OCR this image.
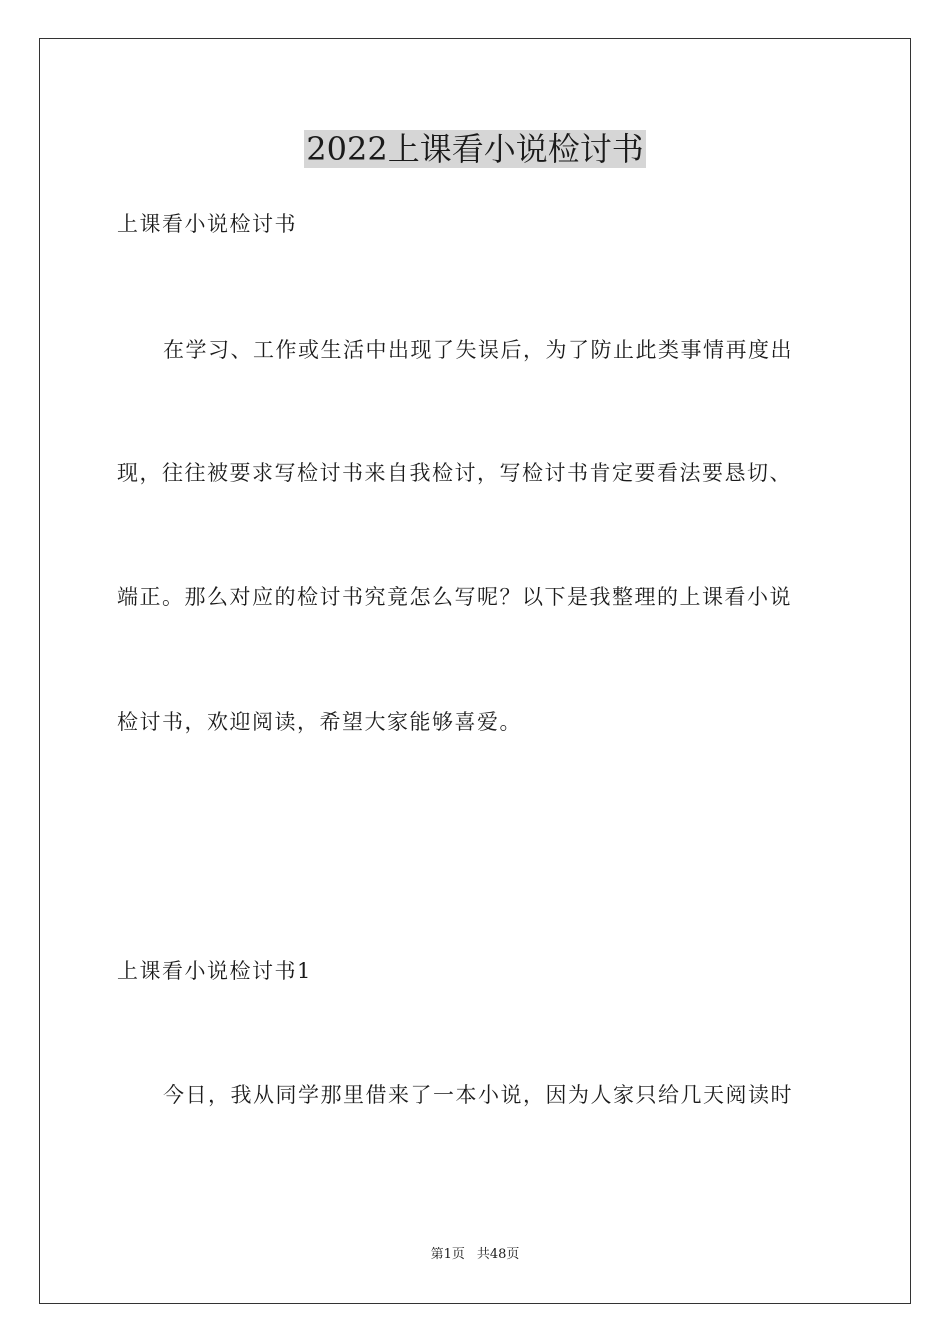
2022上课看小说检讨书

上课看小说检讨书

在学习、工作或生活中出现了失误后，为了防止此类事情再度出

现，往往被要求写检讨书来自我检讨，写检讨书肯定要看法要恳切、

端正。那么对应的检讨书究竟怎么写呢？以下是我整理的上课看小说

检讨书，欢迎阅读，希望大家能够喜爱。

上课看小说检讨书1

今日，我从同学那里借来了一本小说，因为人家只给几天阅读时

第1页 共48页
